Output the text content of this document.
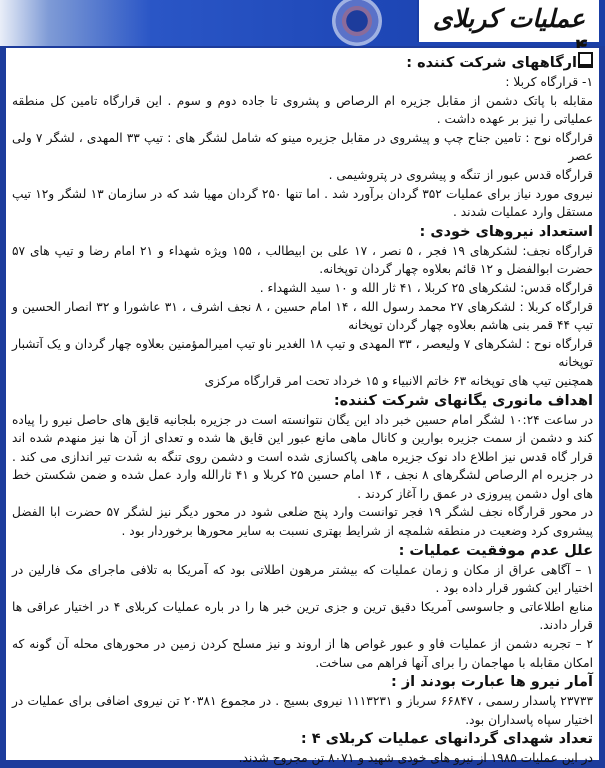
عملیات کربلای
ارگاههای شرکت کننده :

۱- قرارگاه کربلا :

مقابله با پاتک دشمن از مقابل جزیره ام الرصاص و پشروی تا جاده دوم و سوم . این قرارگاه تامین کل منطقه عملیاتی را نیز بر عهده داشت .

قرارگاه نوح : تامین جناح چپ و پیشروی در مقابل جزیره مینو که شامل لشگر های : تیپ ۳۳ المهدی ، لشگر ۷ ولی عصر

قرارگاه قدس عبور از تنگه و پیشروی در پتروشیمی .

نیروی مورد نیاز برای عملیات ۳۵۲ گردان برآورد شد . اما تنها ۲۵۰ گردان مهیا شد که در سازمان ۱۳ لشگر و۱۲ تیپ مستقل وارد عملیات شدند .

استعداد نیروهای خودی :

قرارگاه نجف: لشکرهای ۱۹ فجر ، ۵ نصر ، ۱۷ علی بن ابیطالب ، ۱۵۵ ویژه شهداء و ۲۱ امام رضا و تیپ های ۵۷ حضرت ابوالفضل و ۱۲ قائم بعلاوه چهار گردان توپخانه.

قرارگاه قدس: لشکرهای ۲۵ کربلا ، ۴۱ ثار الله و ۱۰ سید الشهداء .

قرارگاه کربلا : لشکرهای ۲۷ محمد رسول الله ، ۱۴ امام حسین ، ۸ نجف اشرف ، ۳۱ عاشورا و ۳۲ انصار الحسین و تیپ ۴۴ قمر بنی هاشم بعلاوه چهار گردان توپخانه

قرارگاه نوح : لشکرهای ۷ ولیعصر ، ۳۳ المهدی و تیپ ۱۸ الغدیر ناو تیپ امیرالمؤمنین بعلاوه چهار گردان و یک آتشبار توپخانه

همچنین تیپ های توپخانه ۶۳ خاتم الانبیاء و ۱۵ خرداد تحت امر قرارگاه مرکزی

اهداف مانوری یگانهای شرکت کننده:

در ساعت ۱۰:۲۴ لشگر امام حسین خبر داد این یگان نتوانسته است در جزیره بلجانیه قایق های حاصل نیرو را پیاده کند و دشمن از سمت جزیره بوارین و کانال ماهی مانع عبور این قایق ها شده و تعدای از آن ها نیز منهدم شده اند قرار گاه قدس نیز اطلاع داد نوک جزیره ماهی پاکسازی شده است و دشمن روی تنگه به شدت تیر اندازی می کند . در جزیره ام الرصاص لشگرهای ۸ نجف ، ۱۴ امام حسین ۲۵ کربلا و ۴۱ ثارالله وارد عمل شده و ضمن شکستن خط های اول دشمن پیروزی در عمق را آغاز کردند .

در محور قرارگاه نجف لشگر ۱۹ فجر توانست وارد پنج ضلعی شود در محور دیگر نیز لشگر ۵۷ حضرت ابا الفضل پیشروی کرد وضعیت در منطقه شلمچه از شرایط بهتری نسبت به سایر محورها برخوردار بود .

علل عدم موفقیت عملیات :

۱ – آگاهی عراق از مکان و زمان عملیات که بیشتر مرهون اطلاتی بود که آمریکا به تلافی ماجرای مک فارلین در اختیار این کشور قرار داده بود .

منابع اطلاعاتی و جاسوسی آمریکا دقیق ترین و جزی ترین خبر ها را در باره عملیات کربلای ۴ در اختیار عراقی ها قرار دادند.

۲ – تجربه دشمن از عملیات فاو و عبور غواص ها از اروند و نیز مسلح کردن زمین در محورهای محله آن گونه که امکان مقابله با مهاجمان را برای آنها فراهم می ساخت.

آمار نیرو ها عبارت بودند از :

۲۳۷۳۳ پاسدار رسمی ، ۶۶۸۴۷ سرباز و ۱۱۱۳۲۳۱ نیروی بسیج . در مجموع ۲۰۳۸۱ تن نیروی اضافی برای عملیات در اختیار سپاه پاسداران بود.

تعداد شهدای گردانهای عملیات کربلای ۴ :

در این عملیات ۱۹۸۵ از نیرو های خودی شهید و ۸۰۷۱ تن مجروح شدند.
